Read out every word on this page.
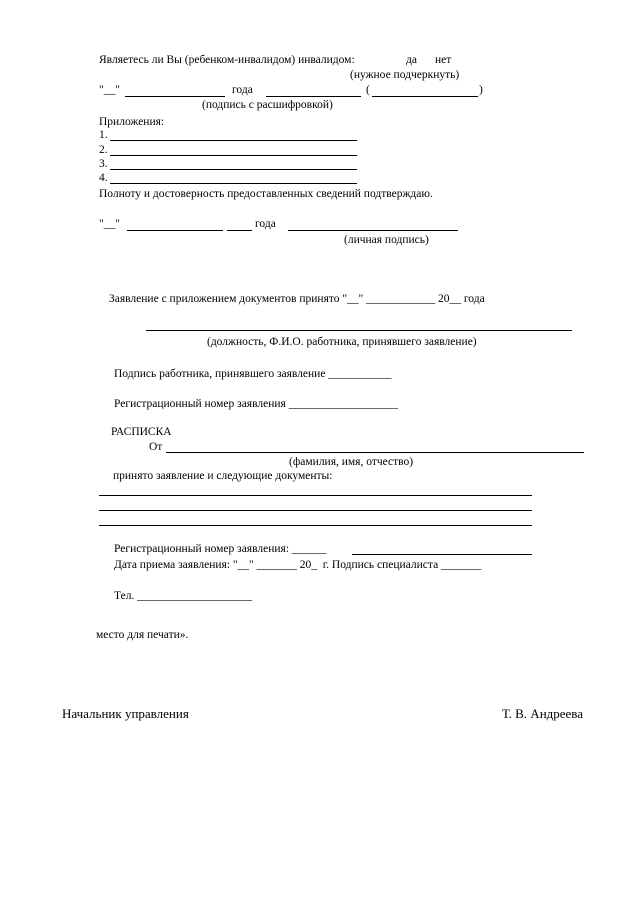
Являетесь ли Вы (ребенком-инвалидом) инвалидом:	да нет
(нужное подчеркнуть)
"__"	года	(	)
(подпись с расшифровкой)
Приложения:
1.
2.
3.
4.
Полноту и достоверность предоставленных сведений подтверждаю.
"__"	года
(личная подпись)
Заявление с приложением документов принято "__" ____________ 20__ года
(должность, Ф.И.О. работника, принявшего заявление)
Подпись работника, принявшего заявление ___________
Регистрационный номер заявления ___________________
РАСПИСКА
От
(фамилия, имя, отчество)
принято заявление и следующие документы:
Регистрационный номер заявления: ______
Дата приема заявления: "__" _______ 20_  г. Подпись специалиста _______
Тел. ____________________
место для печати».
Начальник управления	Т. В. Андреева
